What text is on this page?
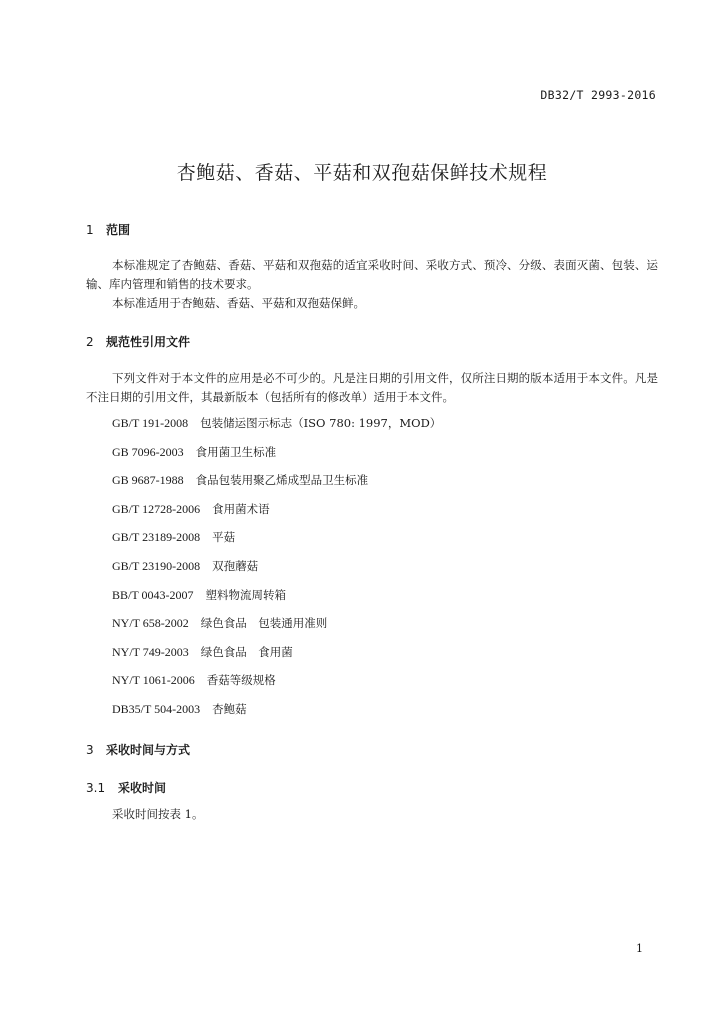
DB32/T 2993-2016
杏鲍菇、香菇、平菇和双孢菇保鲜技术规程
1 范围
本标准规定了杏鲍菇、香菇、平菇和双孢菇的适宜采收时间、采收方式、预冷、分级、表面灭菌、包装、运输、库内管理和销售的技术要求。
本标准适用于杏鲍菇、香菇、平菇和双孢菇保鲜。
2 规范性引用文件
下列文件对于本文件的应用是必不可少的。凡是注日期的引用文件，仅所注日期的版本适用于本文件。凡是不注日期的引用文件，其最新版本（包括所有的修改单）适用于本文件。
GB/T 191-2008 包装储运图示标志（ISO 780: 1997，MOD）
GB 7096-2003 食用菌卫生标准
GB 9687-1988 食品包装用聚乙烯成型品卫生标准
GB/T 12728-2006 食用菌术语
GB/T 23189-2008 平菇
GB/T 23190-2008 双孢蘑菇
BB/T 0043-2007 塑料物流周转箱
NY/T 658-2002 绿色食品　包装通用准则
NY/T 749-2003 绿色食品　食用菌
NY/T 1061-2006 香菇等级规格
DB35/T 504-2003 杏鲍菇
3 采收时间与方式
3.1 采收时间
采收时间按表 1。
1
